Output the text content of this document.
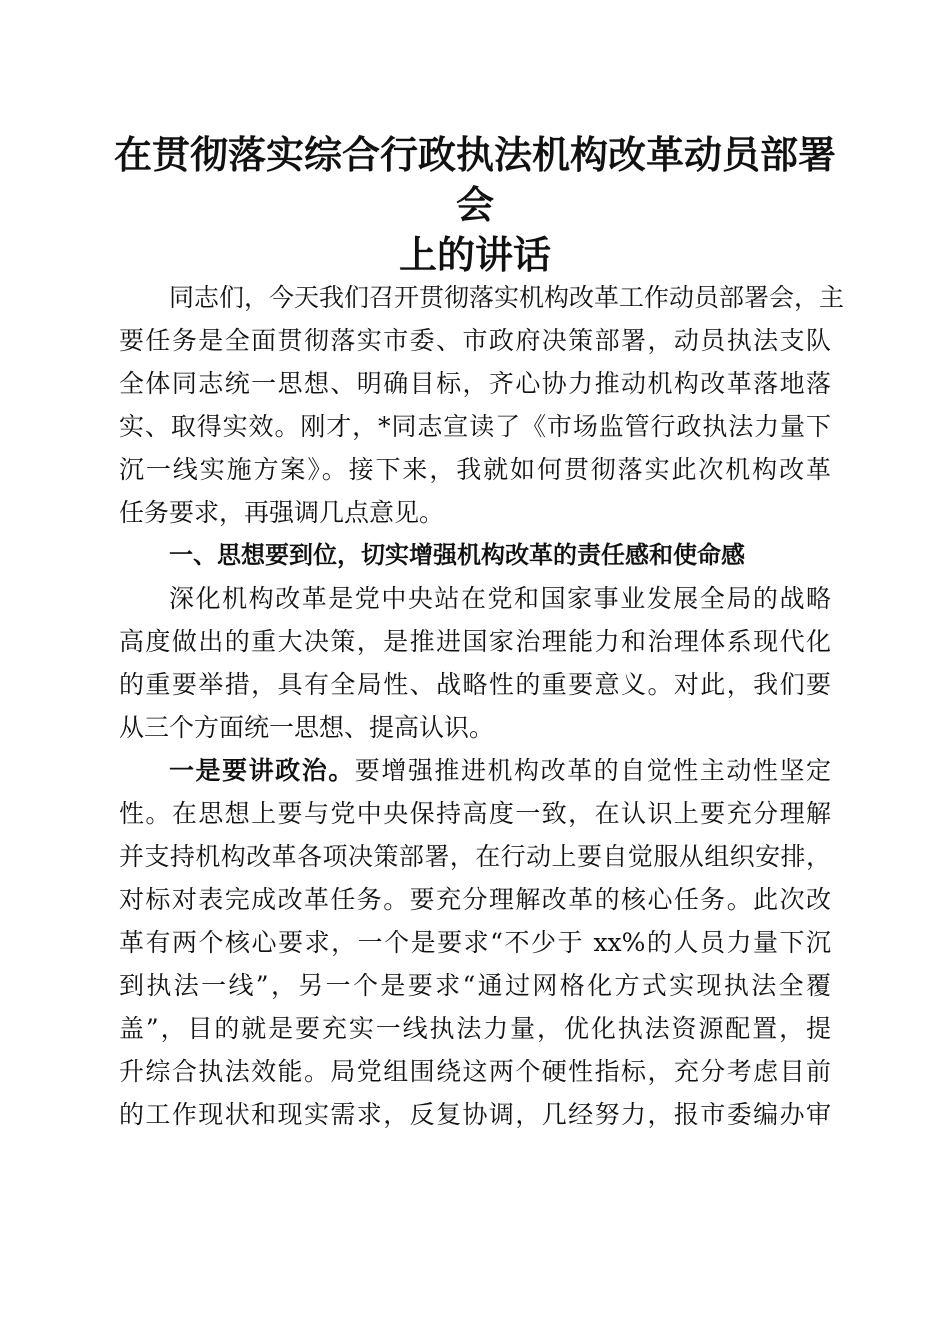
在贯彻落实综合行政执法机构改革动员部署会
上的讲话

同志们，今天我们召开贯彻落实机构改革工作动员部署会，主
要任务是全面贯彻落实市委、市政府决策部署，动员执法支队
全体同志统一思想、明确目标，齐心协力推动机构改革落地落
实、取得实效。刚才，*同志宣读了《市场监管行政执法力量下
沉一线实施方案》。接下来，我就如何贯彻落实此次机构改革
任务要求，再强调几点意见。

一、思想要到位，切实增强机构改革的责任感和使命感

深化机构改革是党中央站在党和国家事业发展全局的战略
高度做出的重大决策，是推进国家治理能力和治理体系现代化
的重要举措，具有全局性、战略性的重要意义。对此，我们要
从三个方面统一思想、提高认识。

一是要讲政治。要增强推进机构改革的自觉性主动性坚定
性。在思想上要与党中央保持高度一致，在认识上要充分理解
并支持机构改革各项决策部署，在行动上要自觉服从组织安排，
对标对表完成改革任务。要充分理解改革的核心任务。此次改
革有两个核心要求，一个是要求“不少于 xx%的人员力量下沉
到执法一线”，另一个是要求“通过网格化方式实现执法全覆
盖”，目的就是要充实一线执法力量，优化执法资源配置，提
升综合执法效能。局党组围绕这两个硬性指标，充分考虑目前
的工作现状和现实需求，反复协调，几经努力，报市委编办审
